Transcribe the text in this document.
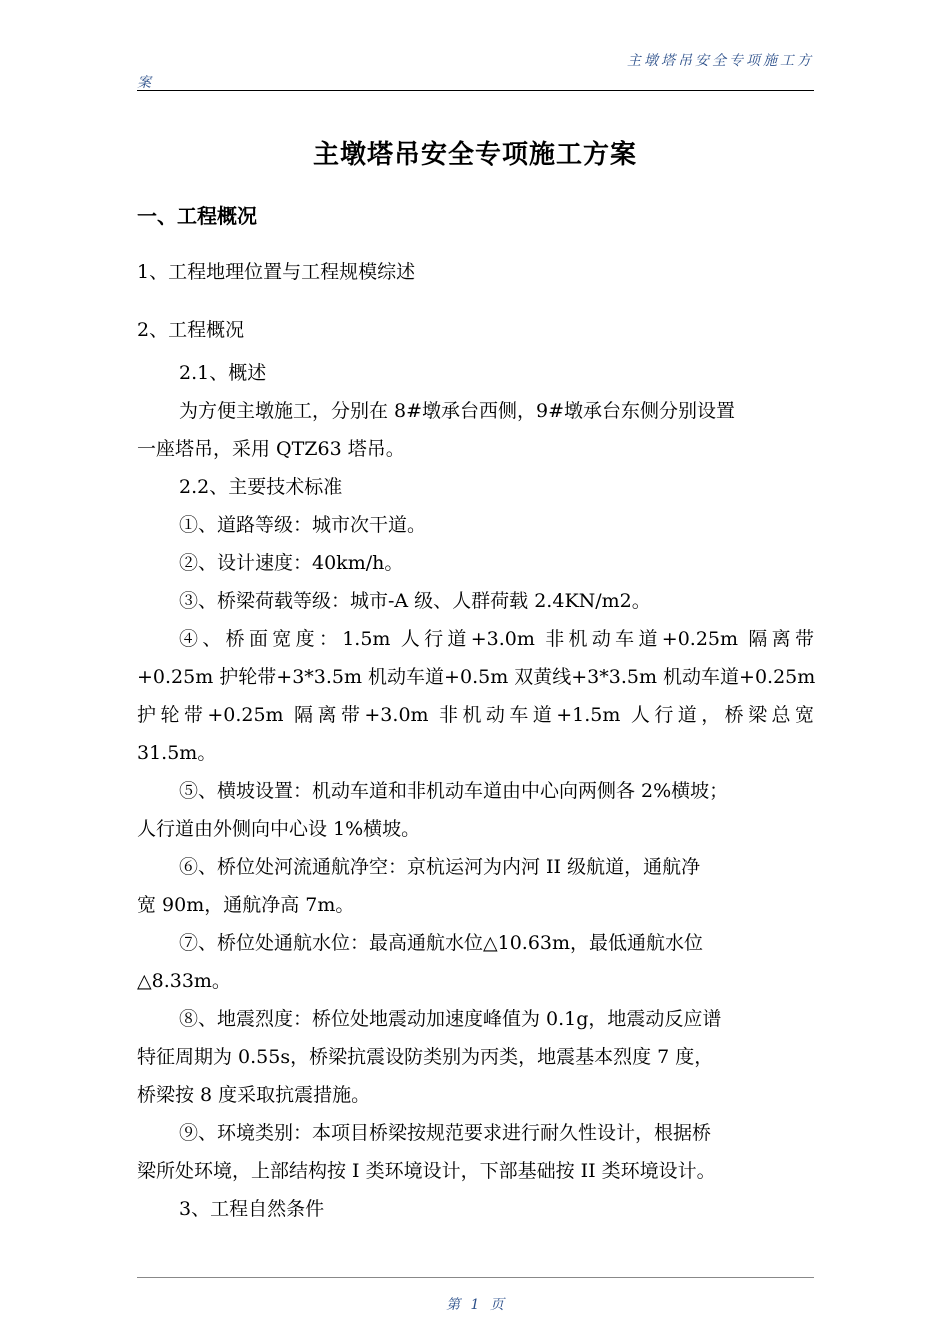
主墩塔吊安全专项施工方
案
主墩塔吊安全专项施工方案
一、工程概况
1、工程地理位置与工程规模综述
2、工程概况
2.1、概述
为方便主墩施工，分别在 8#墩承台西侧，9#墩承台东侧分别设置
一座塔吊，采用 QTZ63 塔吊。
2.2、主要技术标准
①、道路等级：城市次干道。
②、设计速度：40km/h。
③、桥梁荷载等级：城市-A 级、人群荷载 2.4KN/m2。
④、桥面宽度：1.5m 人行道+3.0m 非机动车道+0.25m 隔离带
+0.25m 护轮带+3*3.5m 机动车道+0.5m 双黄线+3*3.5m 机动车道+0.25m
护轮带+0.25m 隔离带+3.0m 非机动车道+1.5m 人行道，桥梁总宽
31.5m。
⑤、横坡设置：机动车道和非机动车道由中心向两侧各 2%横坡；
人行道由外侧向中心设 1%横坡。
⑥、桥位处河流通航净空：京杭运河为内河 II 级航道，通航净
宽 90m，通航净高 7m。
⑦、桥位处通航水位：最高通航水位△10.63m，最低通航水位
△8.33m。
⑧、地震烈度：桥位处地震动加速度峰值为 0.1g，地震动反应谱
特征周期为 0.55s，桥梁抗震设防类别为丙类，地震基本烈度 7 度，
桥梁按 8 度采取抗震措施。
⑨、环境类别：本项目桥梁按规范要求进行耐久性设计，根据桥
梁所处环境，上部结构按 I 类环境设计，下部基础按 II 类环境设计。
3、工程自然条件
第 1 页
